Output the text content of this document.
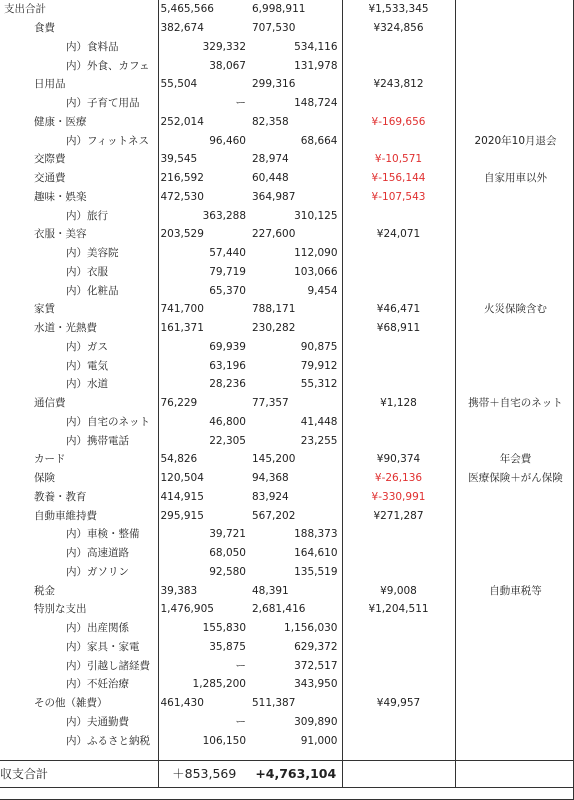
支出合計	5,465,566	6,998,911	¥1,533,345	
食費	382,674	707,530	¥324,856	
内）食料品	329,332	534,116		
内）外食、カフェ	38,067	131,978		
日用品	55,504	299,316	¥243,812	
内）子育て用品	ー	148,724		
健康・医療	252,014	82,358	¥-169,656	
内）フィットネス	96,460	68,664		2020年10月退会
交際費	39,545	28,974	¥-10,571	
交通費	216,592	60,448	¥-156,144	自家用車以外
趣味・娯楽	472,530	364,987	¥-107,543	
内）旅行	363,288	310,125		
衣服・美容	203,529	227,600	¥24,071	
内）美容院	57,440	112,090		
内）衣服	79,719	103,066		
内）化粧品	65,370	9,454		
家賃	741,700	788,171	¥46,471	火災保険含む
水道・光熱費	161,371	230,282	¥68,911	
内）ガス	69,939	90,875		
内）電気	63,196	79,912		
内）水道	28,236	55,312		
通信費	76,229	77,357	¥1,128	携帯＋自宅のネット
内）自宅のネット	46,800	41,448		
内）携帯電話	22,305	23,255		
カード	54,826	145,200	¥90,374	年会費
保険	120,504	94,368	¥-26,136	医療保険＋がん保険
教養・教育	414,915	83,924	¥-330,991	
自動車維持費	295,915	567,202	¥271,287	
内）車検・整備	39,721	188,373		
内）高速道路	68,050	164,610		
内）ガソリン	92,580	135,519		
税金	39,383	48,391	¥9,008	自動車税等
特別な支出	1,476,905	2,681,416	¥1,204,511	
内）出産関係	155,830	1,156,030		
内）家具・家電	35,875	629,372		
内）引越し諸経費	ー	372,517		
内）不妊治療	1,285,200	343,950		
その他（雑費）	461,430	511,387	¥49,957	
内）夫通勤費	ー	309,890		
内）ふるさと納税	106,150	91,000		

収支合計	＋853,569	+4,763,104		
